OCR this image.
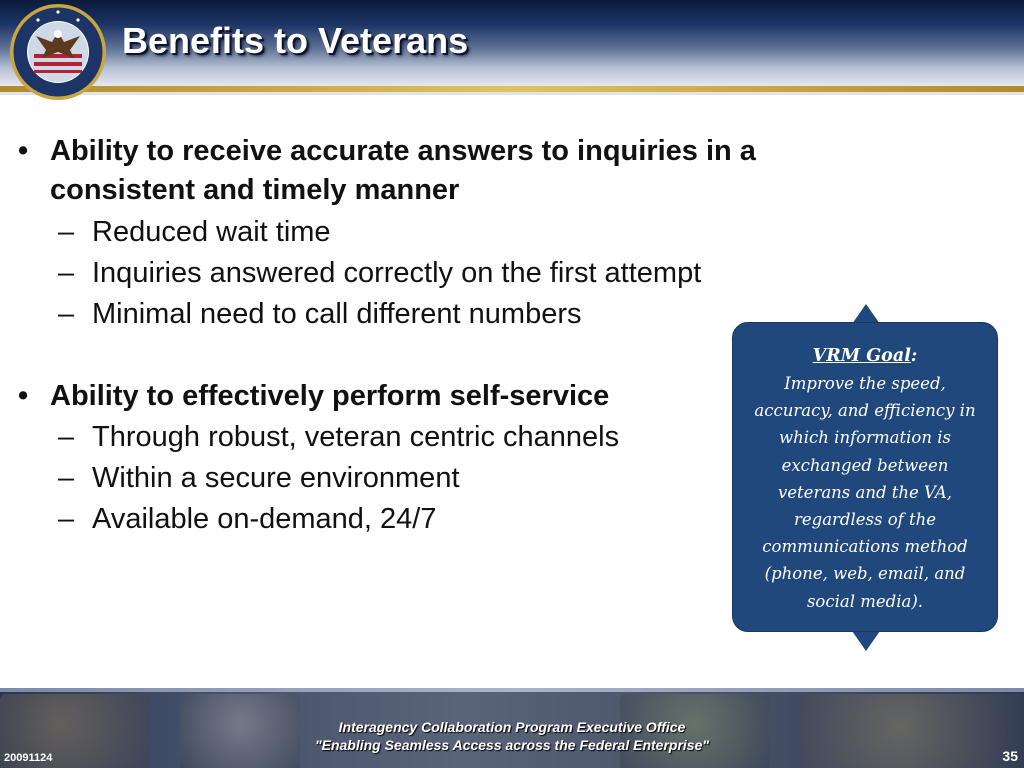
Benefits to Veterans
• Ability to receive accurate answers to inquiries in a consistent and timely manner
– Reduced wait time
– Inquiries answered correctly on the first attempt
– Minimal need to call different numbers
• Ability to effectively perform self-service
– Through robust, veteran centric channels
– Within a secure environment
– Available on-demand, 24/7
VRM Goal:
Improve the speed, accuracy, and efficiency in which information is exchanged between veterans and the VA, regardless of the communications method (phone, web, email, and social media).
Interagency Collaboration Program Executive Office
"Enabling Seamless Access across the Federal Enterprise"
20091124	35
